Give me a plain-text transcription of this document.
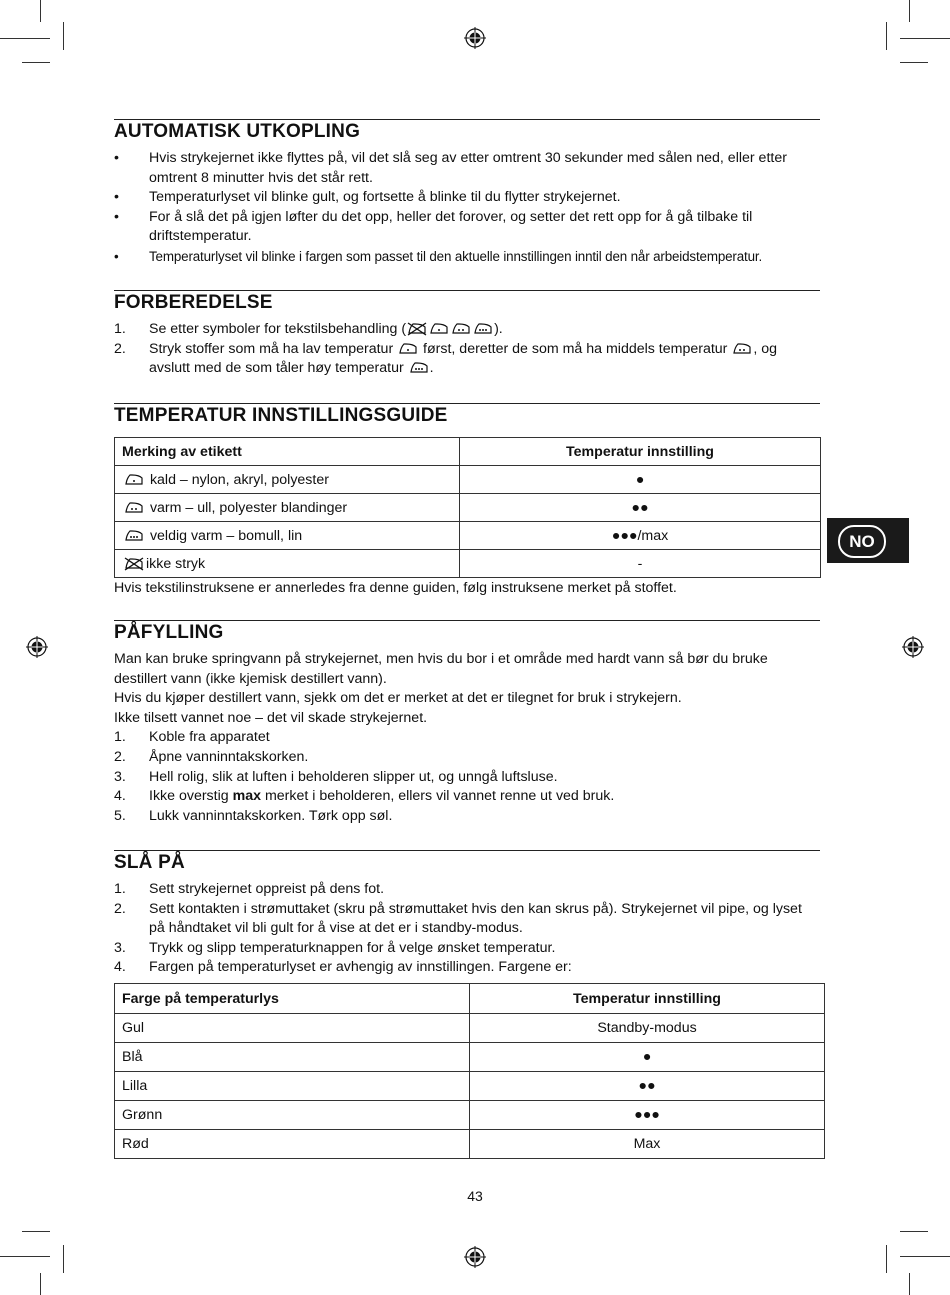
AUTOMATISK UTKOPLING
• Hvis strykejernet ikke flyttes på, vil det slå seg av etter omtrent 30 sekunder med sålen ned, eller etter omtrent 8 minutter hvis det står rett.
• Temperaturlyset vil blinke gult, og fortsette å blinke til du flytter strykejernet.
• For å slå det på igjen løfter du det opp, heller det forover, og setter det rett opp for å gå tilbake til driftstemperatur.
• Temperaturlyset vil blinke i fargen som passet til den aktuelle innstillingen inntil den når arbeidstemperatur.
FORBEREDELSE
1. Se etter symboler for tekstilsbehandling (	).
2. Stryk stoffer som må ha lav temperatur  først, deretter de som må ha middels temperatur , og avslutt med de som tåler høy temperatur .
TEMPERATUR INNSTILLINGSGUIDE
Merking av etikett	Temperatur innstilling
kald – nylon, akryl, polyester	●
varm – ull, polyester blandinger	●●
veldig varm – bomull, lin	●●●/max
ikke stryk	-
Hvis tekstilinstruksene er annerledes fra denne guiden, følg instruksene merket på stoffet.
NO
PÅFYLLING
Man kan bruke springvann på strykejernet, men hvis du bor i et område med hardt vann så bør du bruke destillert vann (ikke kjemisk destillert vann).
Hvis du kjøper destillert vann, sjekk om det er merket at det er tilegnet for bruk i strykejern.
Ikke tilsett vannet noe – det vil skade strykejernet.
1. Koble fra apparatet
2. Åpne vanninntakskorken.
3. Hell rolig, slik at luften i beholderen slipper ut, og unngå luftsluse.
4. Ikke overstig max merket i beholderen, ellers vil vannet renne ut ved bruk.
5. Lukk vanninntakskorken. Tørk opp søl.
SLÅ PÅ
1. Sett strykejernet oppreist på dens fot.
2. Sett kontakten i strømuttaket (skru på strømuttaket hvis den kan skrus på). Strykejernet vil pipe, og lyset på håndtaket vil bli gult for å vise at det er i standby-modus.
3. Trykk og slipp temperaturknappen for å velge ønsket temperatur.
4. Fargen på temperaturlyset er avhengig av innstillingen. Fargene er:
Farge på temperaturlys	Temperatur innstilling
Gul	Standby-modus
Blå	●
Lilla	●●
Grønn	●●●
Rød	Max
43
